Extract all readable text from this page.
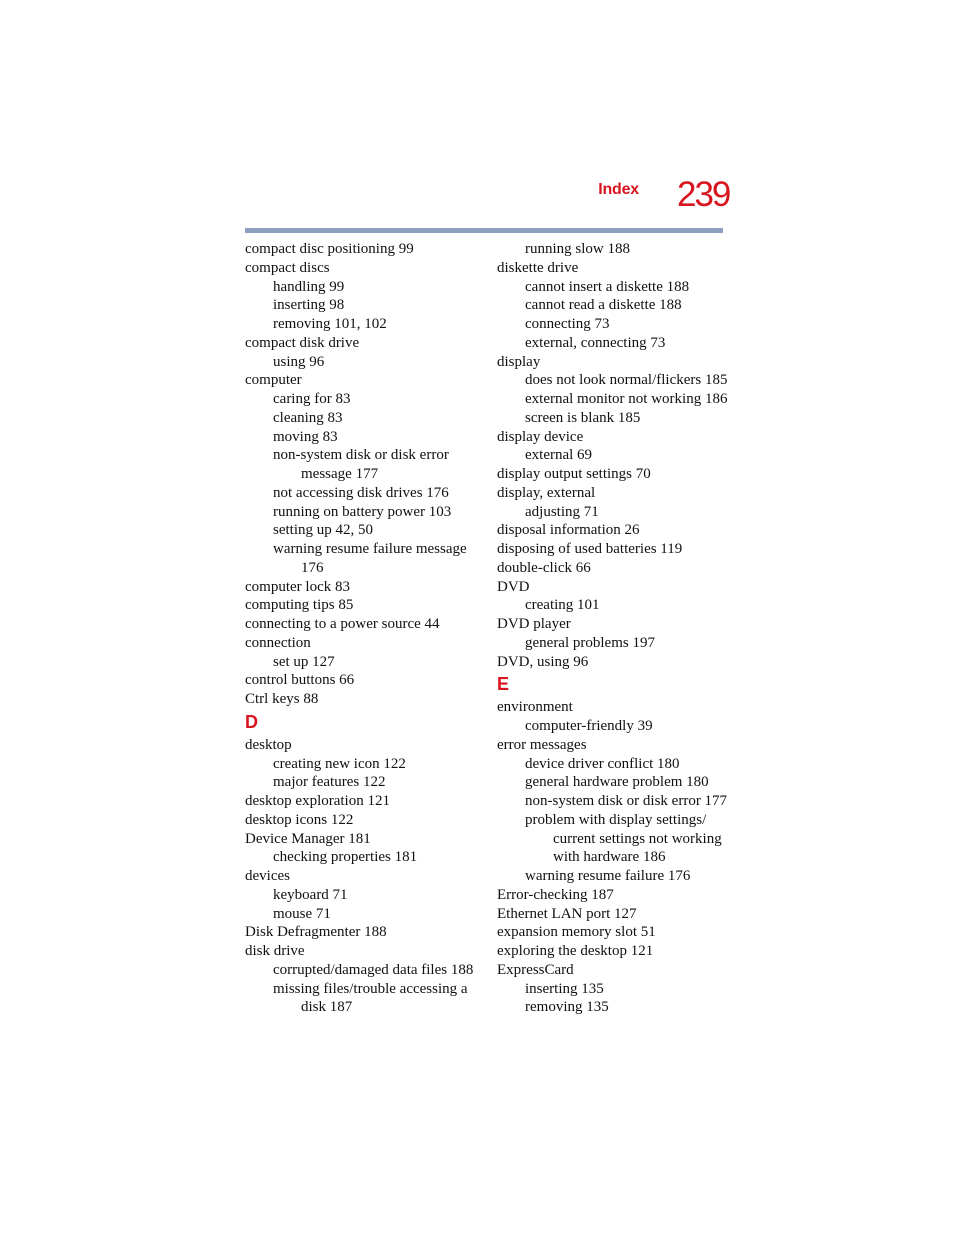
Index 239
compact disc positioning 99
compact discs
handling 99
inserting 98
removing 101, 102
compact disk drive
using 96
computer
caring for 83
cleaning 83
moving 83
non-system disk or disk error
message 177
not accessing disk drives 176
running on battery power 103
setting up 42, 50
warning resume failure message
176
computer lock 83
computing tips 85
connecting to a power source 44
connection
set up 127
control buttons 66
Ctrl keys 88
D
desktop
creating new icon 122
major features 122
desktop exploration 121
desktop icons 122
Device Manager 181
checking properties 181
devices
keyboard 71
mouse 71
Disk Defragmenter 188
disk drive
corrupted/damaged data files 188
missing files/trouble accessing a
disk 187
running slow 188
diskette drive
cannot insert a diskette 188
cannot read a diskette 188
connecting 73
external, connecting 73
display
does not look normal/flickers 185
external monitor not working 186
screen is blank 185
display device
external 69
display output settings 70
display, external
adjusting 71
disposal information 26
disposing of used batteries 119
double-click 66
DVD
creating 101
DVD player
general problems 197
DVD, using 96
E
environment
computer-friendly 39
error messages
device driver conflict 180
general hardware problem 180
non-system disk or disk error 177
problem with display settings/
current settings not working
with hardware 186
warning resume failure 176
Error-checking 187
Ethernet LAN port 127
expansion memory slot 51
exploring the desktop 121
ExpressCard
inserting 135
removing 135
